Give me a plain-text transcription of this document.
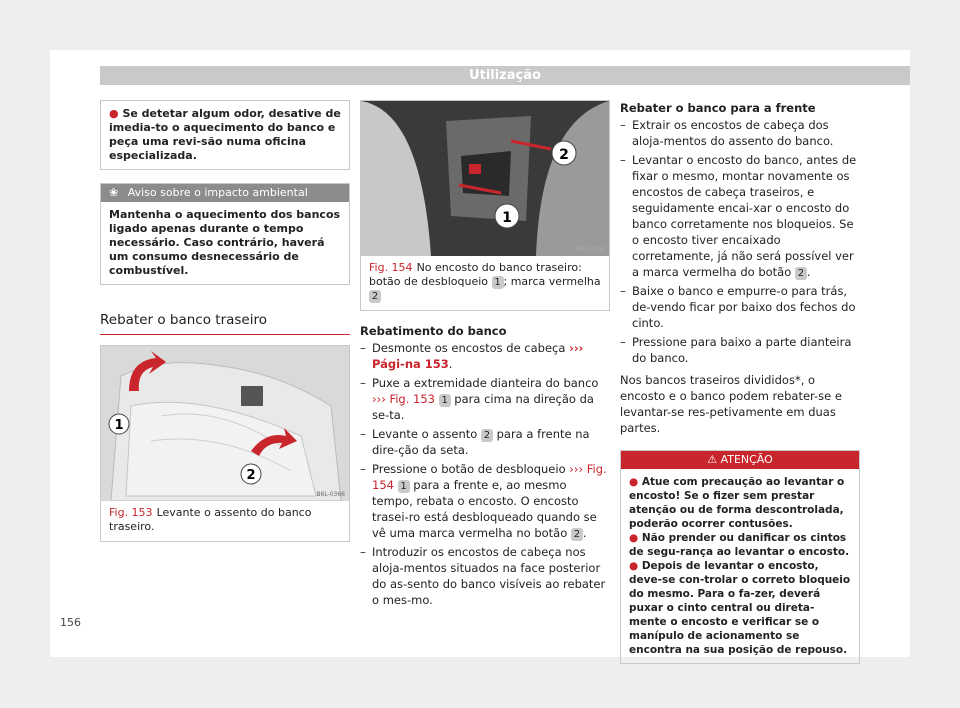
Utilização
● Se detetar algum odor, desative de imedia-to o aquecimento do banco e peça uma revi-são numa oficina especializada.
❀ Aviso sobre o impacto ambiental
Mantenha o aquecimento dos bancos ligado apenas durante o tempo necessário. Caso contrário, haverá um consumo desnecessário de combustível.
Rebater o banco traseiro
1
2
B6L-0366
Fig. 153 Levante o assento do banco traseiro.
2
1
B5F-0369
Fig. 154 No encosto do banco traseiro: botão de desbloqueio 1 ; marca vermelha 2
Rebatimento do banco
– Desmonte os encostos de cabeça ››› Pági-na 153.
– Puxe a extremidade dianteira do banco ››› Fig. 153 1 para cima na direção da se-ta.
– Levante o assento 2 para a frente na dire-ção da seta.
– Pressione o botão de desbloqueio ››› Fig. 154 1 para a frente e, ao mesmo tempo, rebata o encosto. O encosto trasei-ro está desbloqueado quando se vê uma marca vermelha no botão 2 .
– Introduzir os encostos de cabeça nos aloja-mentos situados na face posterior do as-sento do banco visíveis ao rebater o mes-mo.
Rebater o banco para a frente
– Extrair os encostos de cabeça dos aloja-mentos do assento do banco.
– Levantar o encosto do banco, antes de fixar o mesmo, montar novamente os encostos de cabeça traseiros, e seguidamente encai-xar o encosto do banco corretamente nos bloqueios. Se o encosto tiver encaixado corretamente, já não será possível ver a marca vermelha do botão 2 .
– Baixe o banco e empurre-o para trás, de-vendo ficar por baixo dos fechos do cinto.
– Pressione para baixo a parte dianteira do banco.
Nos bancos traseiros divididos*, o encosto e o banco podem rebater-se e levantar-se res-petivamente em duas partes.
⚠ ATENÇÃO
● Atue com precaução ao levantar o encosto! Se o fizer sem prestar atenção ou de forma descontrolada, poderão ocorrer contusões.
● Não prender ou danificar os cintos de segu-rança ao levantar o encosto.
● Depois de levantar o encosto, deve-se con-trolar o correto bloqueio do mesmo. Para o fa-zer, deverá puxar o cinto central ou direta-mente o encosto e verificar se o manípulo de acionamento se encontra na sua posição de repouso.
156
